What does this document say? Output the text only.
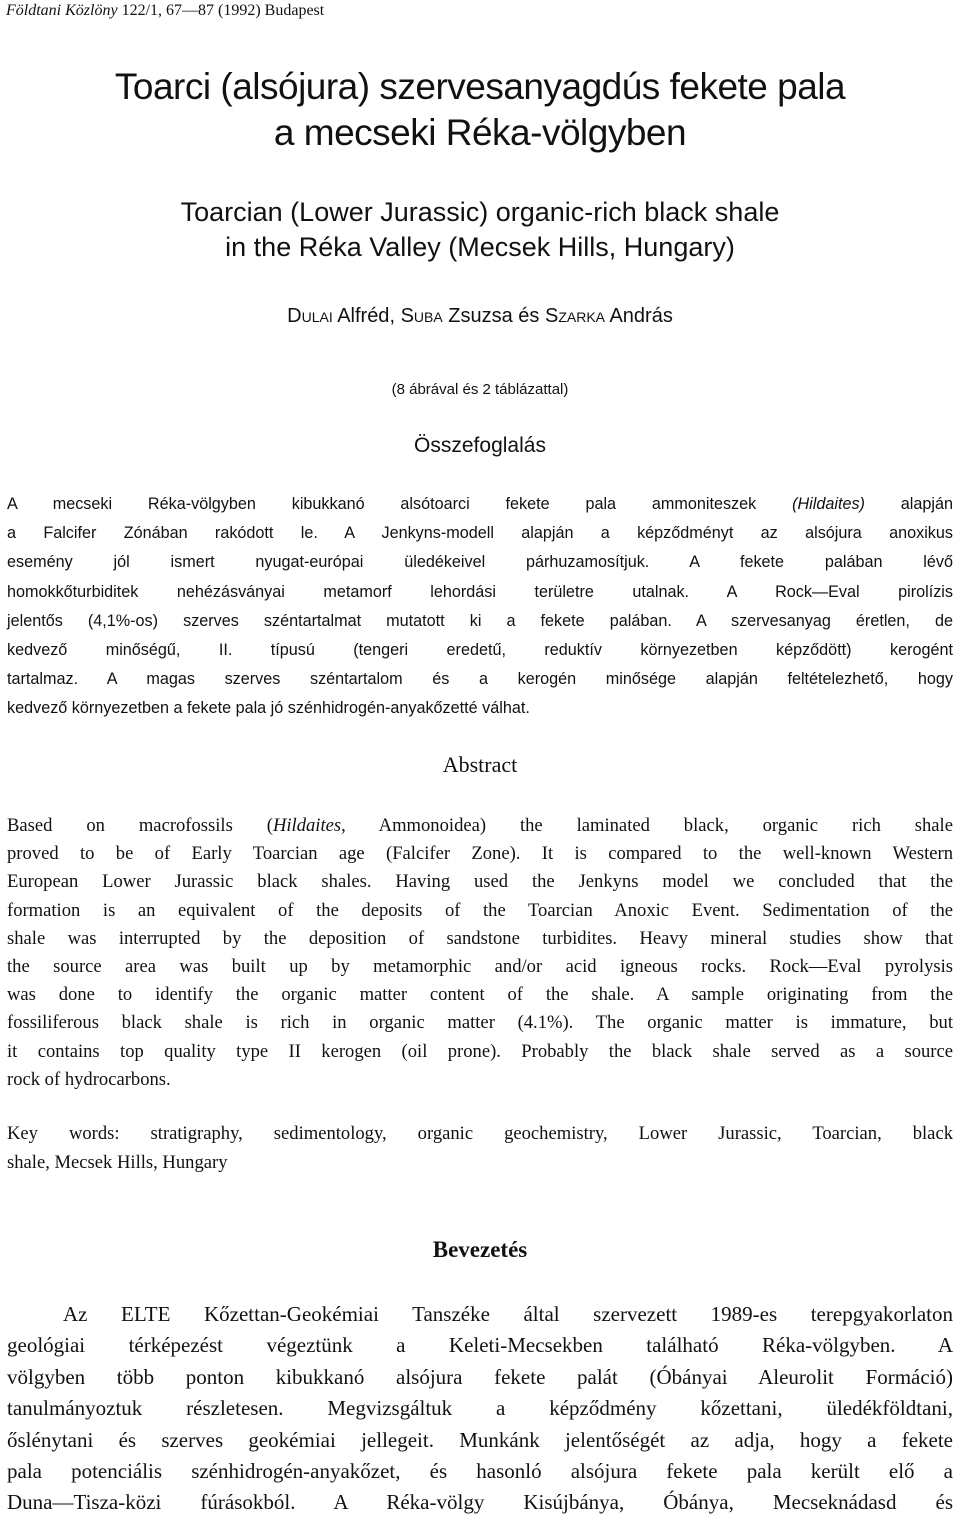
Földtani Közlöny 122/1, 67—87 (1992) Budapest
Toarci (alsójura) szervesanyagdús fekete pala
a mecseki Réka-völgyben
Toarcian (Lower Jurassic) organic-rich black shale
in the Réka Valley (Mecsek Hills, Hungary)
Dulai Alfréd, Suba Zsuzsa és Szarka András
(8 ábrával és 2 táblázattal)
Összefoglalás

A mecseki Réka-völgyben kibukkanó alsótoarci fekete pala ammoniteszek (Hildaites) alapján
a Falcifer Zónában rakódott le. A Jenkyns-modell alapján a képződményt az alsójura anoxikus
esemény jól ismert nyugat-európai üledékeivel párhuzamosítjuk. A fekete palában lévő
homokkőturbiditek nehézásványai metamorf lehordási területre utalnak. A Rock—Eval pirolízis
jelentős (4,1%-os) szerves széntartalmat mutatott ki a fekete palában. A szervesanyag éretlen, de
kedvező minőségű, II. típusú (tengeri eredetű, reduktív környezetben képződött) kerogént
tartalmaz. A magas szerves széntartalom és a kerogén minősége alapján feltételezhető, hogy
kedvező környezetben a fekete pala jó szénhidrogén-anyakőzetté válhat.

Abstract

Based on macrofossils (Hildaites, Ammonoidea) the laminated black, organic rich shale
proved to be of Early Toarcian age (Falcifer Zone). It is compared to the well-known Western
European Lower Jurassic black shales. Having used the Jenkyns model we concluded that the
formation is an equivalent of the deposits of the Toarcian Anoxic Event. Sedimentation of the
shale was interrupted by the deposition of sandstone turbidites. Heavy mineral studies show that
the source area was built up by metamorphic and/or acid igneous rocks. Rock—Eval pyrolysis
was done to identify the organic matter content of the shale. A sample originating from the
fossiliferous black shale is rich in organic matter (4.1%). The organic matter is immature, but
it contains top quality type II kerogen (oil prone). Probably the black shale served as a source
rock of hydrocarbons.

Key words: stratigraphy, sedimentology, organic geochemistry, Lower Jurassic, Toarcian, black
shale, Mecsek Hills, Hungary

Bevezetés

Az ELTE Kőzettan-Geokémiai Tanszéke által szervezett 1989-es terepgyakorlaton
geológiai térképezést végeztünk a Keleti-Mecsekben található Réka-völgyben. A
völgyben több ponton kibukkanó alsójura fekete palát (Óbányai Aleurolit Formáció)
tanulmányoztuk részletesen. Megvizsgáltuk a képződmény kőzettani, üledékföldtani,
őslénytani és szerves geokémiai jellegeit. Munkánk jelentőségét az adja, hogy a fekete
pala potenciális szénhidrogén-anyakőzet, és hasonló alsójura fekete pala került elő a
Duna—Tisza-közi fúrásokból. A Réka-völgy Kisújbánya, Óbánya, Mecseknádasd és
